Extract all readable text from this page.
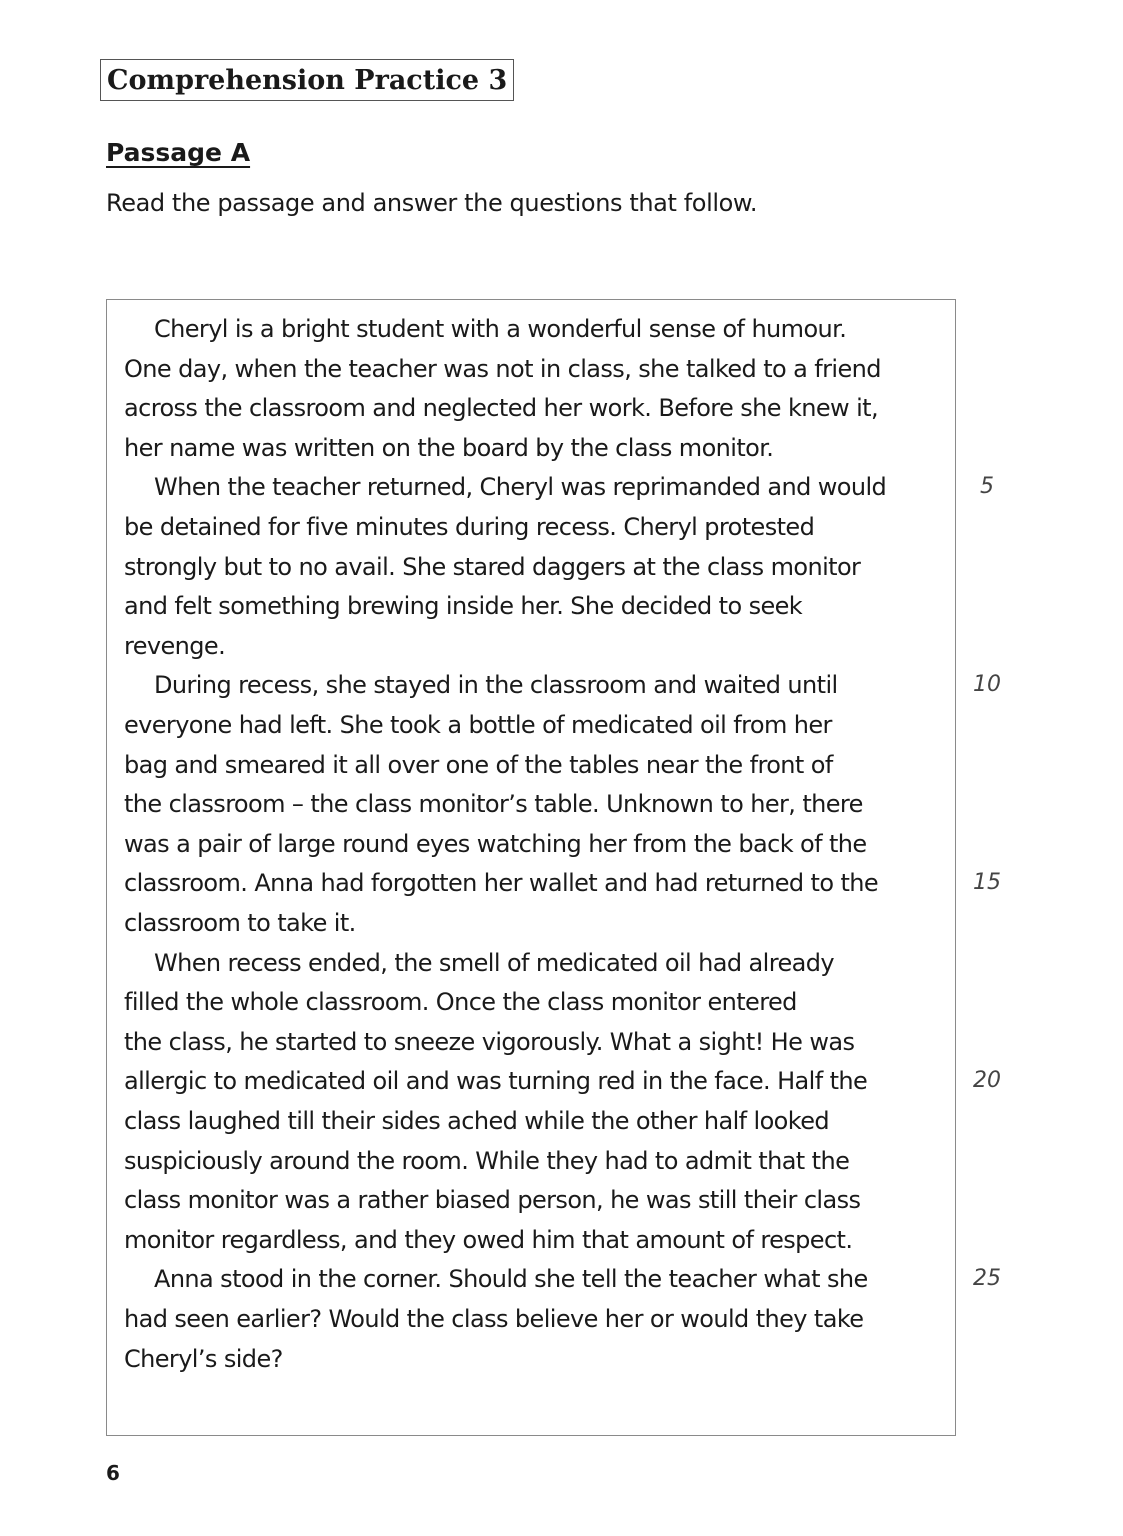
Comprehension Practice 3
Passage A
Read the passage and answer the questions that follow.
Cheryl is a bright student with a wonderful sense of humour.
One day, when the teacher was not in class, she talked to a friend
across the classroom and neglected her work. Before she knew it,
her name was written on the board by the class monitor.
When the teacher returned, Cheryl was reprimanded and would
be detained for five minutes during recess. Cheryl protested
strongly but to no avail. She stared daggers at the class monitor
and felt something brewing inside her. She decided to seek
revenge.
During recess, she stayed in the classroom and waited until
everyone had left. She took a bottle of medicated oil from her
bag and smeared it all over one of the tables near the front of
the classroom – the class monitor’s table. Unknown to her, there
was a pair of large round eyes watching her from the back of the
classroom. Anna had forgotten her wallet and had returned to the
classroom to take it.
When recess ended, the smell of medicated oil had already
filled the whole classroom. Once the class monitor entered
the class, he started to sneeze vigorously. What a sight! He was
allergic to medicated oil and was turning red in the face. Half the
class laughed till their sides ached while the other half looked
suspiciously around the room. While they had to admit that the
class monitor was a rather biased person, he was still their class
monitor regardless, and they owed him that amount of respect.
Anna stood in the corner. Should she tell the teacher what she
had seen earlier? Would the class believe her or would they take
Cheryl’s side?
5
10
15
20
25
6
